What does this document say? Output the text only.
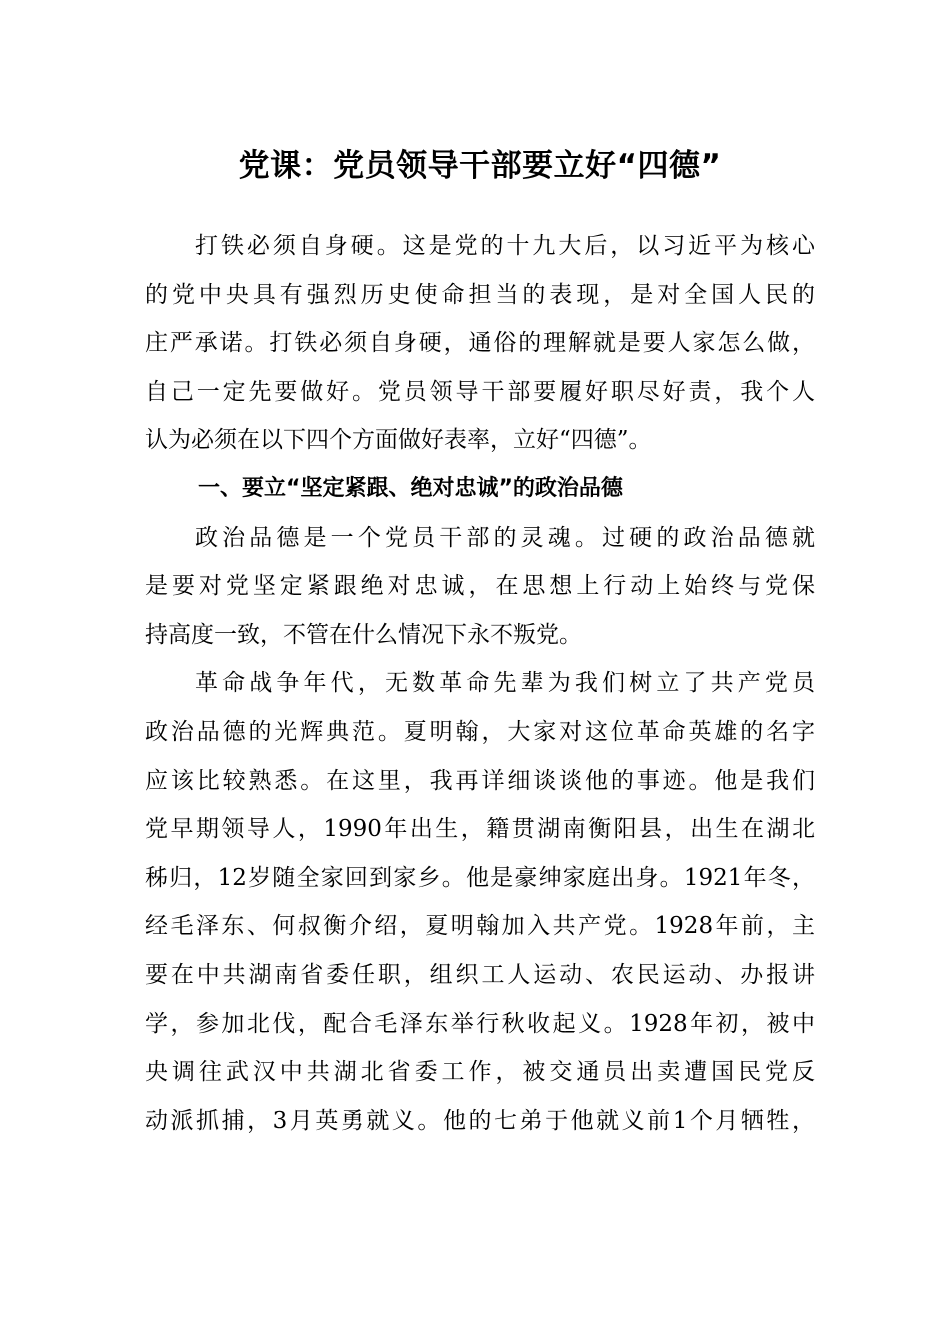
党课：党员领导干部要立好“四德”
打铁必须自身硬。这是党的十九大后，以习近平为核心
的党中央具有强烈历史使命担当的表现，是对全国人民的
庄严承诺。打铁必须自身硬，通俗的理解就是要人家怎么做，
自己一定先要做好。党员领导干部要履好职尽好责，我个人
认为必须在以下四个方面做好表率，立好“四德”。
一、要立“坚定紧跟、绝对忠诚”的政治品德
政治品德是一个党员干部的灵魂。过硬的政治品德就
是要对党坚定紧跟绝对忠诚，在思想上行动上始终与党保
持高度一致，不管在什么情况下永不叛党。
革命战争年代，无数革命先辈为我们树立了共产党员
政治品德的光辉典范。夏明翰，大家对这位革命英雄的名字
应该比较熟悉。在这里，我再详细谈谈他的事迹。他是我们
党早期领导人，1990年出生，籍贯湖南衡阳县，出生在湖北
秭归，12岁随全家回到家乡。他是豪绅家庭出身。1921年冬，
经毛泽东、何叔衡介绍，夏明翰加入共产党。1928年前，主
要在中共湖南省委任职，组织工人运动、农民运动、办报讲
学，参加北伐，配合毛泽东举行秋收起义。1928年初，被中
央调往武汉中共湖北省委工作，被交通员出卖遭国民党反
动派抓捕，3月英勇就义。他的七弟于他就义前1个月牺牲，
